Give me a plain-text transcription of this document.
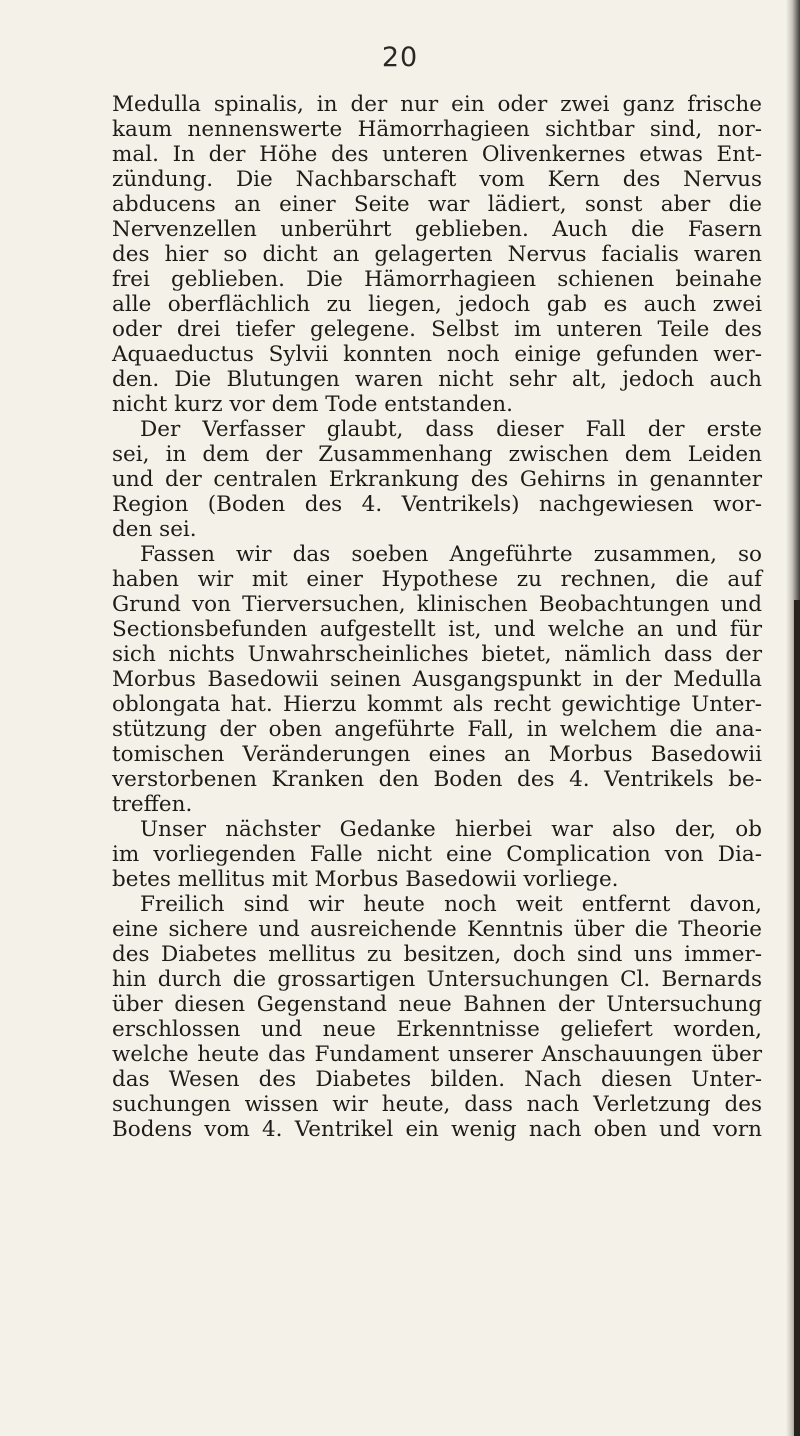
20
Medulla spinalis, in der nur ein oder zwei ganz frische
kaum nennenswerte Hämorrhagieen sichtbar sind, nor-
mal. In der Höhe des unteren Olivenkernes etwas Ent-
zündung. Die Nachbarschaft vom Kern des Nervus
abducens an einer Seite war lädiert, sonst aber die
Nervenzellen unberührt geblieben. Auch die Fasern
des hier so dicht an gelagerten Nervus facialis waren
frei geblieben. Die Hämorrhagieen schienen beinahe
alle oberflächlich zu liegen, jedoch gab es auch zwei
oder drei tiefer gelegene. Selbst im unteren Teile des
Aquaeductus Sylvii konnten noch einige gefunden wer-
den. Die Blutungen waren nicht sehr alt, jedoch auch
nicht kurz vor dem Tode entstanden.
Der Verfasser glaubt, dass dieser Fall der erste
sei, in dem der Zusammenhang zwischen dem Leiden
und der centralen Erkrankung des Gehirns in genannter
Region (Boden des 4. Ventrikels) nachgewiesen wor-
den sei.
Fassen wir das soeben Angeführte zusammen, so
haben wir mit einer Hypothese zu rechnen, die auf
Grund von Tierversuchen, klinischen Beobachtungen und
Sectionsbefunden aufgestellt ist, und welche an und für
sich nichts Unwahrscheinliches bietet, nämlich dass der
Morbus Basedowii seinen Ausgangspunkt in der Medulla
oblongata hat. Hierzu kommt als recht gewichtige Unter-
stützung der oben angeführte Fall, in welchem die ana-
tomischen Veränderungen eines an Morbus Basedowii
verstorbenen Kranken den Boden des 4. Ventrikels be-
treffen.
Unser nächster Gedanke hierbei war also der, ob
im vorliegenden Falle nicht eine Complication von Dia-
betes mellitus mit Morbus Basedowii vorliege.
Freilich sind wir heute noch weit entfernt davon,
eine sichere und ausreichende Kenntnis über die Theorie
des Diabetes mellitus zu besitzen, doch sind uns immer-
hin durch die grossartigen Untersuchungen Cl. Bernards
über diesen Gegenstand neue Bahnen der Untersuchung
erschlossen und neue Erkenntnisse geliefert worden,
welche heute das Fundament unserer Anschauungen über
das Wesen des Diabetes bilden. Nach diesen Unter-
suchungen wissen wir heute, dass nach Verletzung des
Bodens vom 4. Ventrikel ein wenig nach oben und vorn
